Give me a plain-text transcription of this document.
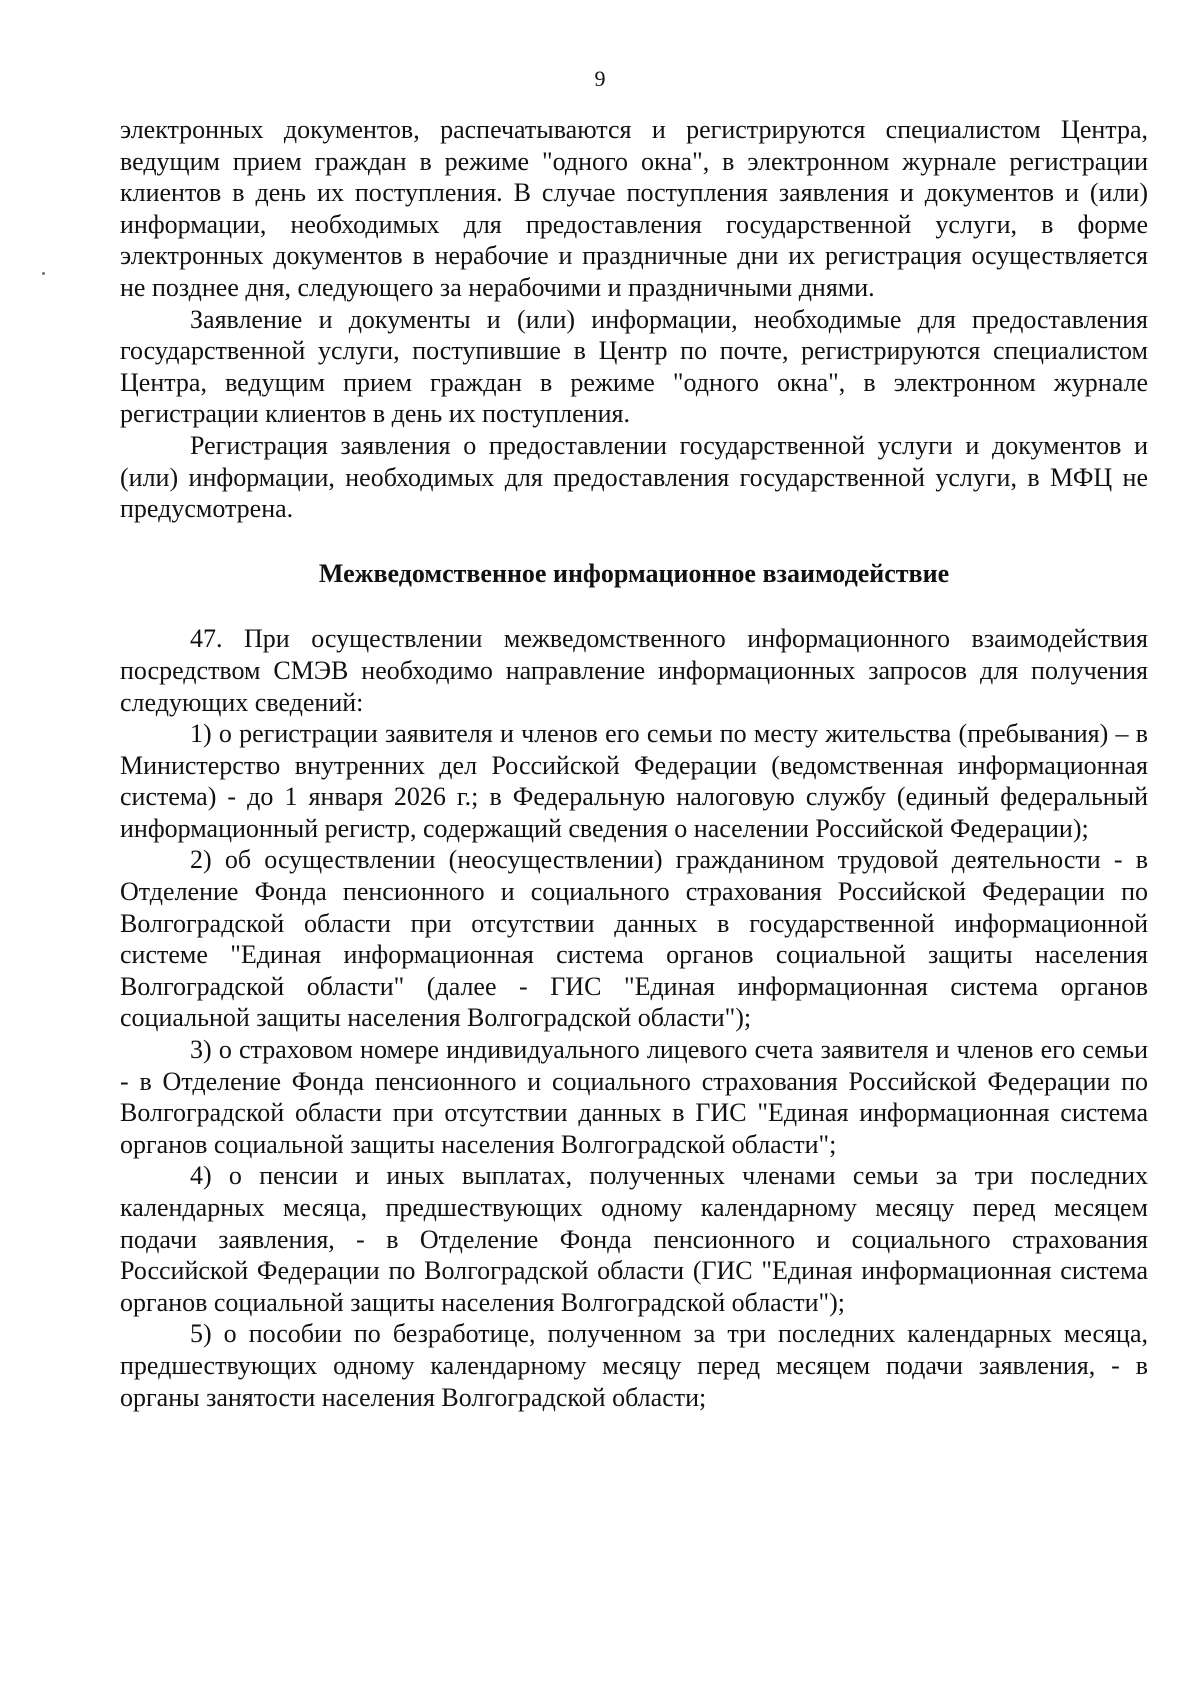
9

электронных документов, распечатываются и регистрируются специалистом Центра, ведущим прием граждан в режиме "одного окна", в электронном журнале регистрации клиентов в день их поступления. В случае поступления заявления и документов и (или) информации, необходимых для предоставления государственной услуги, в форме электронных документов в нерабочие и праздничные дни их регистрация осуществляется не позднее дня, следующего за нерабочими и праздничными днями.

Заявление и документы и (или) информации, необходимые для предоставления государственной услуги, поступившие в Центр по почте, регистрируются специалистом Центра, ведущим прием граждан в режиме "одного окна", в электронном журнале регистрации клиентов в день их поступления.

Регистрация заявления о предоставлении государственной услуги и документов и (или) информации, необходимых для предоставления государственной услуги, в МФЦ не предусмотрена.

Межведомственное информационное взаимодействие

47. При осуществлении межведомственного информационного взаимодействия посредством СМЭВ необходимо направление информационных запросов для получения следующих сведений:

1) о регистрации заявителя и членов его семьи по месту жительства (пребывания) – в Министерство внутренних дел Российской Федерации (ведомственная информационная система) - до 1 января 2026 г.; в Федеральную налоговую службу (единый федеральный информационный регистр, содержащий сведения о населении Российской Федерации);

2) об осуществлении (неосуществлении) гражданином трудовой деятельности - в Отделение Фонда пенсионного и социального страхования Российской Федерации по Волгоградской области при отсутствии данных в государственной информационной системе "Единая информационная система органов социальной защиты населения Волгоградской области" (далее - ГИС "Единая информационная система органов социальной защиты населения Волгоградской области");

3) о страховом номере индивидуального лицевого счета заявителя и членов его семьи - в Отделение Фонда пенсионного и социального страхования Российской Федерации по Волгоградской области при отсутствии данных в ГИС "Единая информационная система органов социальной защиты населения Волгоградской области";

4) о пенсии и иных выплатах, полученных членами семьи за три последних календарных месяца, предшествующих одному календарному месяцу перед месяцем подачи заявления, - в Отделение Фонда пенсионного и социального страхования Российской Федерации по Волгоградской области (ГИС "Единая информационная система органов социальной защиты населения Волгоградской области");

5) о пособии по безработице, полученном за три последних календарных месяца, предшествующих одному календарному месяцу перед месяцем подачи заявления, - в органы занятости населения Волгоградской области;
